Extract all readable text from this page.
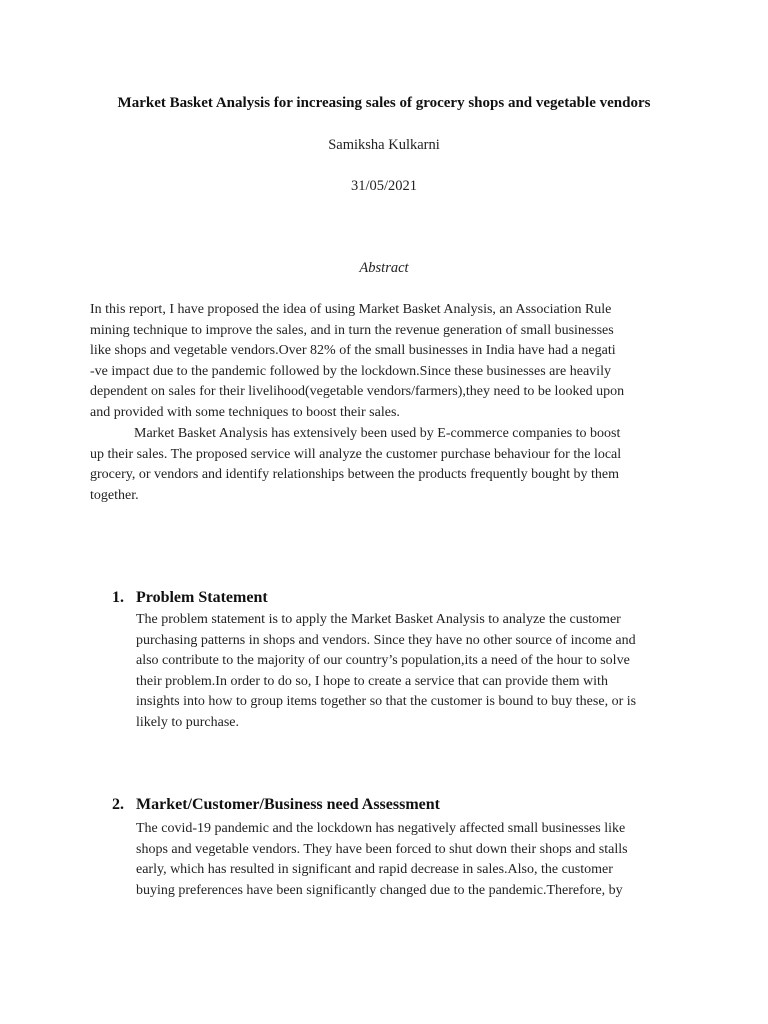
Market Basket Analysis for increasing sales of grocery shops and vegetable vendors
Samiksha Kulkarni
31/05/2021
Abstract

In this report, I have proposed the idea of using Market Basket Analysis, an Association Rule
mining technique to improve the sales, and in turn the revenue generation of small businesses
like shops and vegetable vendors.Over 82% of the small businesses in India have had a negati
-ve impact due to the pandemic followed by the lockdown.Since these businesses are heavily
dependent on sales for their livelihood(vegetable vendors/farmers),they need to be looked upon
and provided with some techniques to boost their sales.

Market Basket Analysis has extensively been used by E-commerce companies to boost
up their sales. The proposed service will analyze the customer purchase behaviour for the local
grocery, or vendors and identify relationships between the products frequently bought by them
together.

1. Problem Statement

The problem statement is to apply the Market Basket Analysis to analyze the customer
purchasing patterns in shops and vendors. Since they have no other source of income and
also contribute to the majority of our country’s population,its a need of the hour to solve
their problem.In order to do so, I hope to create a service that can provide them with
insights into how to group items together so that the customer is bound to buy these, or is
likely to purchase.

2. Market/Customer/Business need Assessment

The covid-19 pandemic and the lockdown has negatively affected small businesses like
shops and vegetable vendors. They have been forced to shut down their shops and stalls
early, which has resulted in significant and rapid decrease in sales.Also, the customer
buying preferences have been significantly changed due to the pandemic.Therefore, by
